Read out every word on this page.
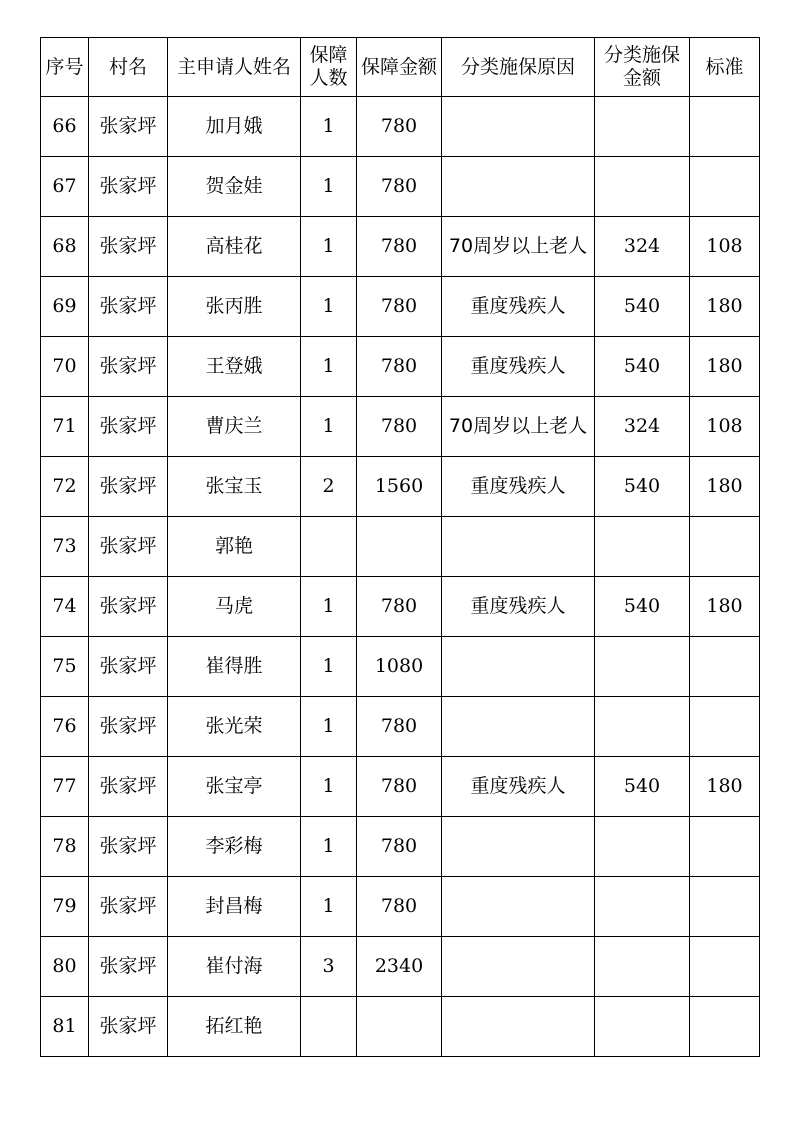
序号	村名	主申请人姓名	保障人数	保障金额	分类施保原因	分类施保金额	标准
66	张家坪	加月娥	1	780			
67	张家坪	贺金娃	1	780			
68	张家坪	高桂花	1	780	70周岁以上老人	324	108
69	张家坪	张丙胜	1	780	重度残疾人	540	180
70	张家坪	王登娥	1	780	重度残疾人	540	180
71	张家坪	曹庆兰	1	780	70周岁以上老人	324	108
72	张家坪	张宝玉	2	1560	重度残疾人	540	180
73	张家坪	郭艳					
74	张家坪	马虎	1	780	重度残疾人	540	180
75	张家坪	崔得胜	1	1080			
76	张家坪	张光荣	1	780			
77	张家坪	张宝亭	1	780	重度残疾人	540	180
78	张家坪	李彩梅	1	780			
79	张家坪	封昌梅	1	780			
80	张家坪	崔付海	3	2340			
81	张家坪	拓红艳					
